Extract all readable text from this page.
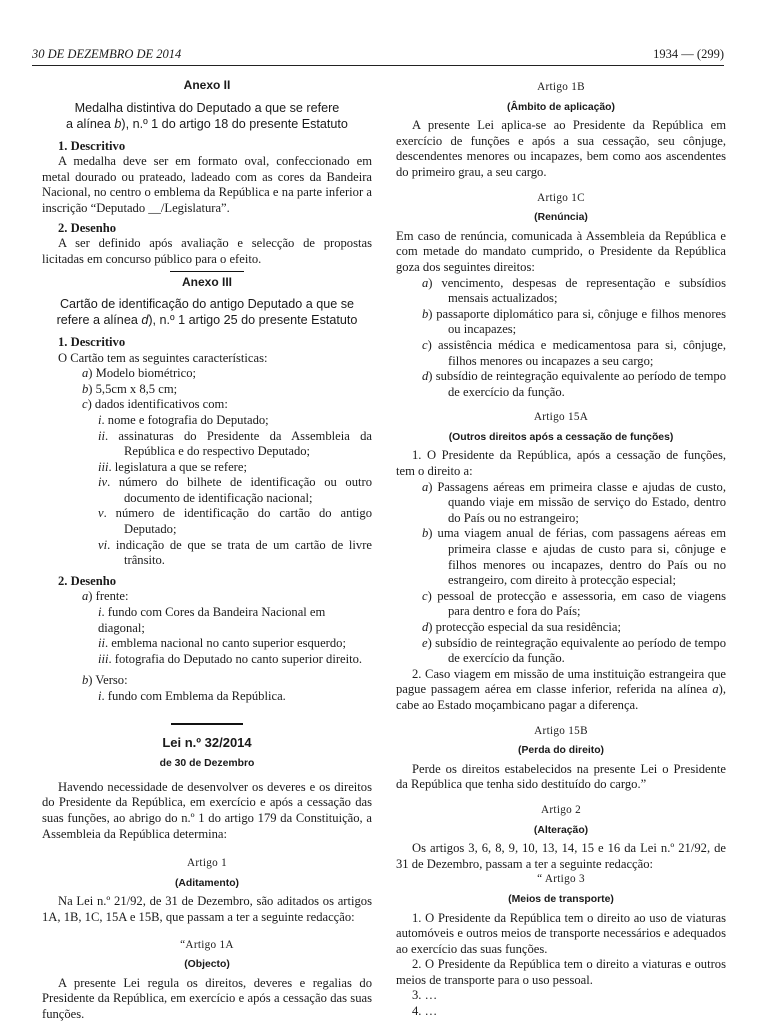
30 DE DEZEMBRO DE 2014	1934 — (299)

Anexo II

Medalha distintiva do Deputado a que se refere
a alínea b), n.º 1 do artigo 18 do presente Estatuto

1. Descritivo

A medalha deve ser em formato oval, confeccionado em metal dourado ou prateado, ladeado com as cores da Bandeira Nacional, no centro o emblema da República e na parte inferior a inscrição “Deputado __/Legislatura”.

2. Desenho

A ser definido após avaliação e selecção de propostas licitadas em concurso público para o efeito.

Anexo III

Cartão de identificação do antigo Deputado a que se
refere a alínea d), n.º 1 artigo 25 do presente Estatuto

1. Descritivo

O Cartão tem as seguintes características:

a) Modelo biométrico;

b) 5,5cm x 8,5 cm;

c) dados identificativos com:

i. nome e fotografia do Deputado;

ii. assinaturas do Presidente da Assembleia da República e do respectivo Deputado;

iii. legislatura a que se refere;

iv. número do bilhete de identificação ou outro documento de identificação nacional;

v. número de identificação do cartão do antigo Deputado;

vi. indicação de que se trata de um cartão de livre trânsito.

2. Desenho

a) frente:

i. fundo com Cores da Bandeira Nacional em diagonal;

ii. emblema nacional no canto superior esquerdo;

iii. fotografia do Deputado no canto superior direito.

b) Verso:

i. fundo com Emblema da República.

Lei n.º 32/2014

de 30 de Dezembro

Havendo necessidade de desenvolver os deveres e os direitos do Presidente da República, em exercício e após a cessação das suas funções, ao abrigo do n.º 1 do artigo 179 da Constituição, a Assembleia da República determina:

Artigo 1

(Aditamento)

Na Lei n.º 21/92, de 31 de Dezembro, são aditados os artigos 1A, 1B, 1C, 15A e 15B, que passam a ter a seguinte redacção:

“Artigo 1A

(Objecto)

A presente Lei regula os direitos, deveres e regalias do Presidente da República, em exercício e após a cessação das suas funções.

Artigo 1B

(Âmbito de aplicação)

A presente Lei aplica-se ao Presidente da República em exercício de funções e após a sua cessação, seu cônjuge, descendentes menores ou incapazes, bem como aos ascendentes do primeiro grau, a seu cargo.

Artigo 1C

(Renúncia)

Em caso de renúncia, comunicada à Assembleia da República e com metade do mandato cumprido, o Presidente da República goza dos seguintes direitos:

a) vencimento, despesas de representação e subsídios mensais actualizados;

b) passaporte diplomático para si, cônjuge e filhos menores ou incapazes;

c) assistência médica e medicamentosa para si, cônjuge, filhos menores ou incapazes a seu cargo;

d) subsídio de reintegração equivalente ao período de tempo de exercício da função.

Artigo 15A

(Outros direitos após a cessação de funções)

1. O Presidente da República, após a cessação de funções, tem o direito a:

a) Passagens aéreas em primeira classe e ajudas de custo, quando viaje em missão de serviço do Estado, dentro do País ou no estrangeiro;

b) uma viagem anual de férias, com passagens aéreas em primeira classe e ajudas de custo para si, cônjuge e filhos menores ou incapazes, dentro do País ou no estrangeiro, com direito à protecção especial;

c) pessoal de protecção e assessoria, em caso de viagens para dentro e fora do País;

d) protecção especial da sua residência;

e) subsídio de reintegração equivalente ao período de tempo de exercício da função.

2. Caso viagem em missão de uma instituição estrangeira que pague passagem aérea em classe inferior, referida na alínea a), cabe ao Estado moçambicano pagar a diferença.

Artigo 15B

(Perda do direito)

Perde os direitos estabelecidos na presente Lei o Presidente da República que tenha sido destituído do cargo.”

Artigo 2

(Alteração)

Os artigos 3, 6, 8, 9, 10, 13, 14, 15 e 16 da Lei n.º 21/92, de 31 de Dezembro, passam a ter a seguinte redacção:

“ Artigo 3

(Meios de transporte)

1. O Presidente da República tem o direito ao uso de viaturas automóveis e outros meios de transporte necessários e adequados ao exercício das suas funções.

2. O Presidente da República tem o direito a viaturas e outros meios de transporte para o uso pessoal.

3. …

4. …
